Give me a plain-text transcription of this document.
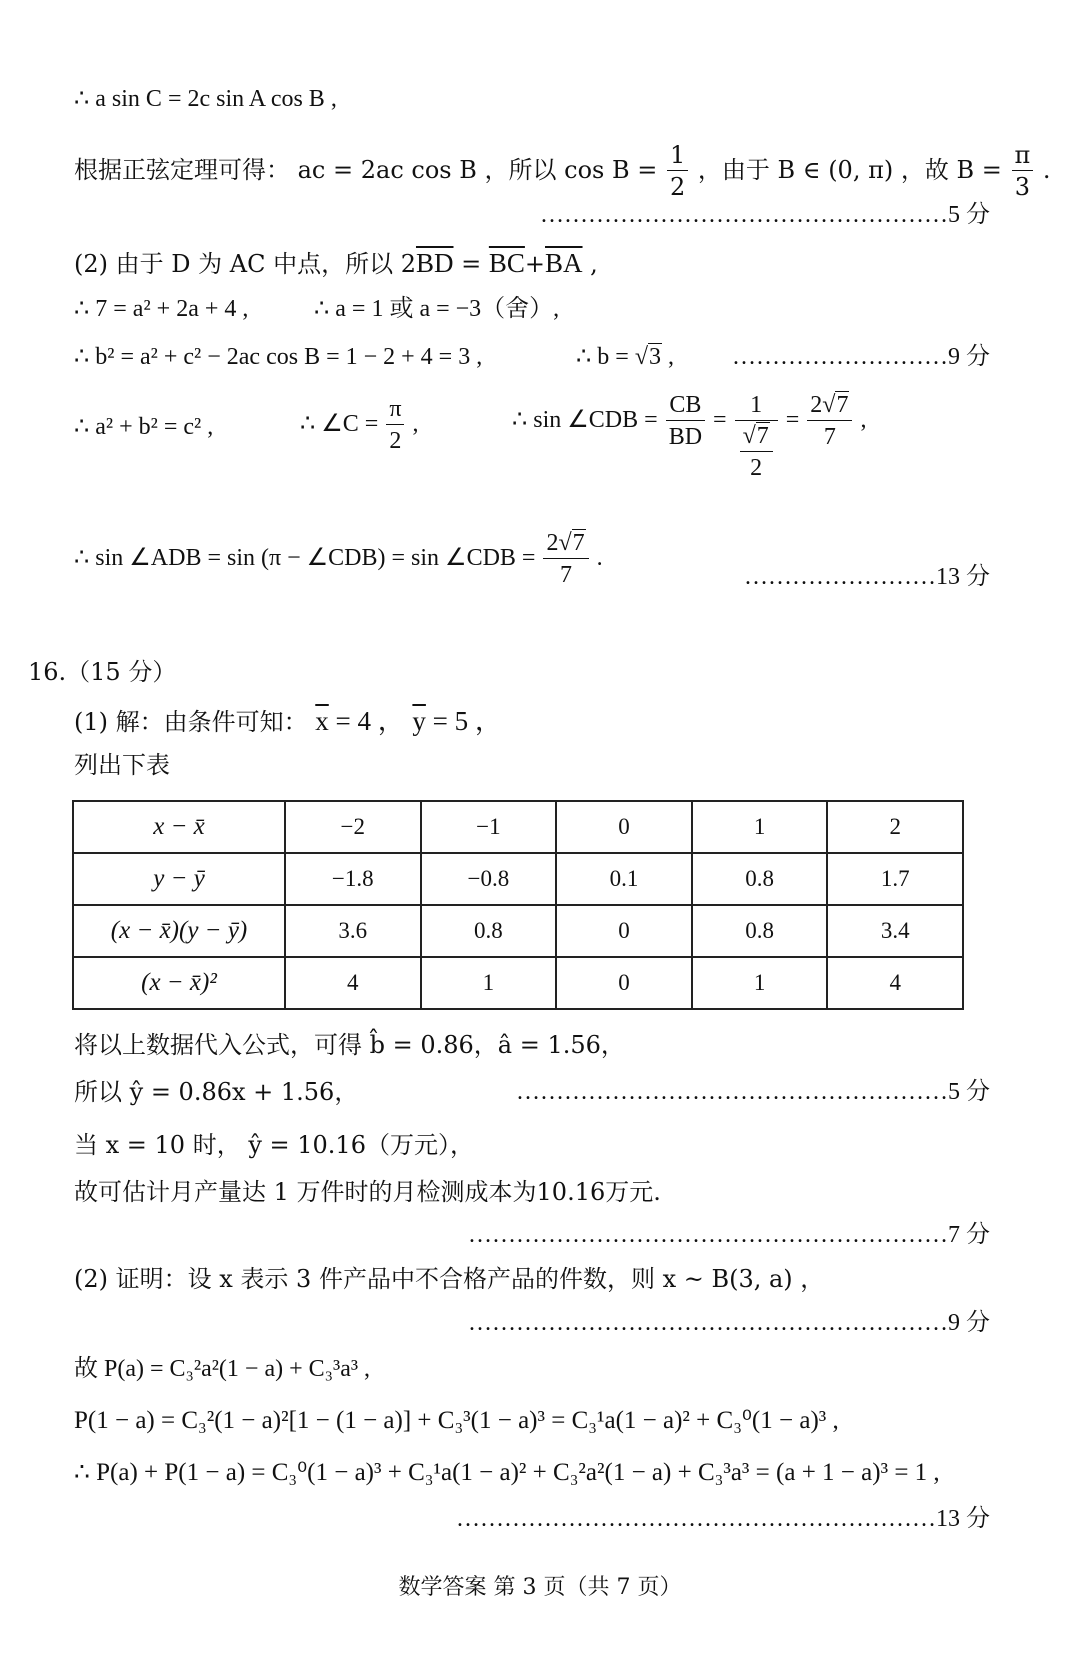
∴ a sin C = 2c sin A cos B ,
根据正弦定理可得： ac = 2ac cos B ，所以 $\cos B = \frac{1}{2}$ ，由于 B ∈ (0, π) ，故 $B = \frac{\pi}{3}$ .
……………………………………………5 分
(2) 由于 D 为 AC 中点，所以 $2\overline{BD} = \overline{BC}+\overline{BA}$ ,
∴ 7 = a² + 2a + 4 ,	∴ a = 1 或 a = −3（舍）,
∴ b² = a² + c² − 2ac cos B = 1 − 2 + 4 = 3 ,	∴ b = √3 , ………………………9 分
∴ a² + b² = c² ,	∴ ∠C = $\frac{\pi}{2}$ ,	∴ sin ∠CDB = $\frac{CB}{BD} = \frac{1}{\frac{√7}{2}} = \frac{2√7}{7}$ ,
∴ sin ∠ADB = sin (π − ∠CDB) = sin ∠CDB = $\frac{2√7}{7}$ .
……………………13 分
16.（15 分）
(1) 解：由条件可知： $\overline{x} = 4$ ， $\overline{y} = 5$ ，
列出下表
x − x̄	−2	−1	0	1	2
y − ȳ	−1.8	−0.8	0.1	0.8	1.7
(x − x̄)(y − ȳ)	3.6	0.8	0	0.8	3.4
(x − x̄)²	4	1	0	1	4
将以上数据代入公式，可得 b̂ = 0.86，â = 1.56，
所以 ŷ = 0.86x + 1.56，	………………………………………………5 分
当 x = 10 时， ŷ = 10.16（万元），
故可估计月产量达 1 万件时的月检测成本为10.16万元.
……………………………………………………7 分
(2) 证明：设 x 表示 3 件产品中不合格产品的件数，则 x ~ B(3, a) ，
……………………………………………………9 分
故 P(a) = C₃²a²(1 − a) + C₃³a³ ,
P(1 − a) = C₃²(1 − a)²[1 − (1 − a)] + C₃³(1 − a)³ = C₃¹a(1 − a)² + C₃⁰(1 − a)³ ,
∴ P(a) + P(1 − a) = C₃⁰(1 − a)³ + C₃¹a(1 − a)² + C₃²a²(1 − a) + C₃³a³ = (a + 1 − a)³ = 1 ,
……………………………………………………13 分
数学答案 第 3 页（共 7 页）
